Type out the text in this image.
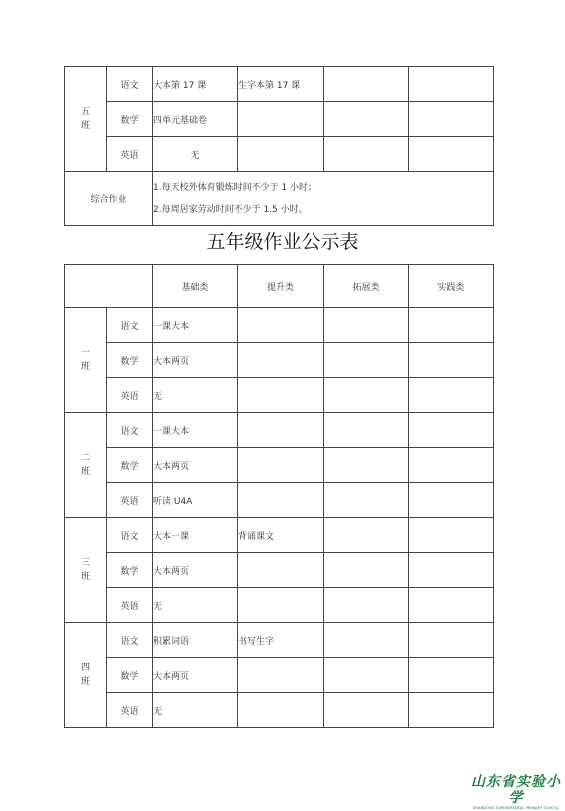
五
班	语文	大本第 17 课	生字本第 17 课		
	数学	四单元基础卷			
	英语	无			
综合作业		1.每天校外体育锻炼时间不少于 1 小时；
2.每周居家劳动时间不少于 1.5 小时。			
五年级作业公示表
		基础类	提升类	拓展类	实践类
一
班	语文	一课大本			
	数学	大本两页			
	英语	无			
二
班	语文	一课大本			
	数学	大本两页			
	英语	听读 U4A			
三
班	语文	大本一课	背诵课文		
	数学	大本两页			
	英语	无			
四
班	语文	积累词语	书写生字		
	数学	大本两页			
	英语	无			
山东省实验小学
SHANDONG EXPERIMENTAL PRIMARY SCHOOL
